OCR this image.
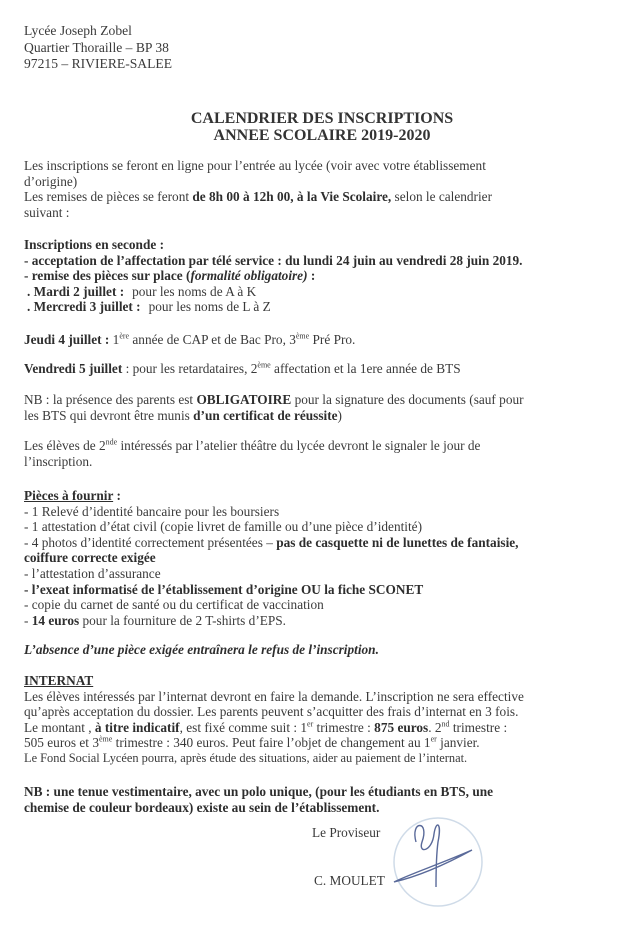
Lycée Joseph Zobel
Quartier Thoraille – BP 38
97215 – RIVIERE-SALEE
CALENDRIER DES INSCRIPTIONS
ANNEE SCOLAIRE 2019-2020
Les inscriptions se feront en ligne pour l’entrée au lycée (voir avec votre établissement
d’origine)
Les remises de pièces se feront de 8h 00 à 12h 00, à la Vie Scolaire, selon le calendrier
suivant :
Inscriptions en seconde :
- acceptation de l’affectation par télé service : du lundi 24 juin au vendredi 28 juin 2019.
- remise des pièces sur place (formalité obligatoire) :
. Mardi 2 juillet : pour les noms de A à K
. Mercredi 3 juillet : pour les noms de L à Z
Jeudi 4 juillet : 1ère année de CAP et de Bac Pro, 3ème Pré Pro.
Vendredi 5 juillet : pour les retardataires, 2ème affectation et la 1ere année de BTS
NB : la présence des parents est OBLIGATOIRE pour la signature des documents (sauf pour
les BTS qui devront être munis d’un certificat de réussite)
Les élèves de 2nde intéressés par l’atelier théâtre du lycée devront le signaler le jour de
l’inscription.
Pièces à fournir :
- 1 Relevé d’identité bancaire pour les boursiers
- 1 attestation d’état civil (copie livret de famille ou d’une pièce d’identité)
- 4 photos d’identité correctement présentées – pas de casquette ni de lunettes de fantaisie,
coiffure correcte exigée
- l’attestation d’assurance
- l’exeat informatisé de l’établissement d’origine OU la fiche SCONET
- copie du carnet de santé ou du certificat de vaccination
- 14 euros pour la fourniture de 2 T-shirts d’EPS.
L’absence d’une pièce exigée entraînera le refus de l’inscription.
INTERNAT
Les élèves intéressés par l’internat devront en faire la demande. L’inscription ne sera effective
qu’après acceptation du dossier. Les parents peuvent s’acquitter des frais d’internat en 3 fois.
Le montant , à titre indicatif, est fixé comme suit : 1er trimestre : 875 euros. 2nd trimestre :
505 euros et 3ème trimestre : 340 euros. Peut faire l’objet de changement au 1er janvier.
Le Fond Social Lycéen pourra, après étude des situations, aider au paiement de l’internat.
NB : une tenue vestimentaire, avec un polo unique, (pour les étudiants en BTS, une
chemise de couleur bordeaux) existe au sein de l’établissement.
Le Proviseur
C. MOULET
